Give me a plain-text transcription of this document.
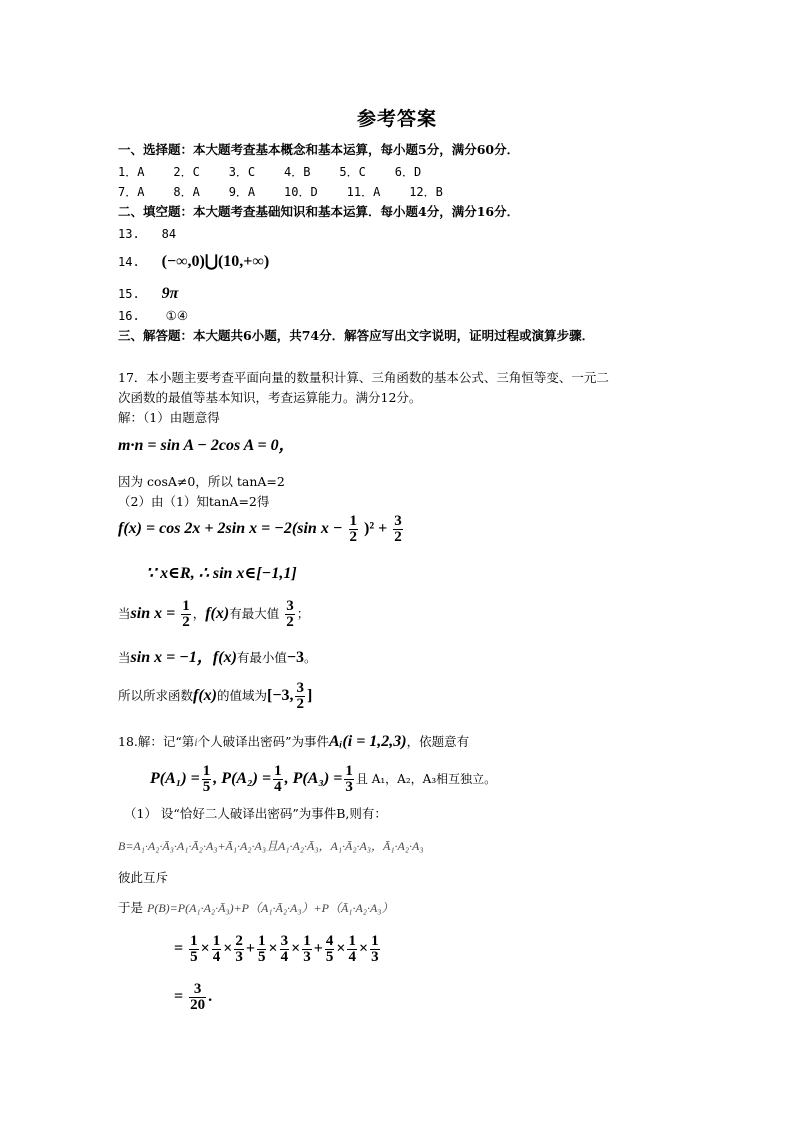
参考答案
一、选择题：本大题考查基本概念和基本运算，每小题5分，满分60分．
1．A    2．C    3．C    4．B    5．C    6．D
7．A    8．A    9．A    10．D    11．A    12．B
二、填空题：本大题考查基础知识和基本运算．每小题4分，满分16分．
13. 84
14. (−∞,0)⋃(10,+∞)
15. 9π
16. ①④
三、解答题：本大题共6小题，共74分．解答应写出文字说明，证明过程或演算步骤．
17．本小题主要考查平面向量的数量积计算、三角函数的基本公式、三角恒等变、一元二
次函数的最值等基本知识，考查运算能力。满分12分。
解：（1）由题意得
m·n = sin A − 2cos A = 0，
因为 cosA≠0，所以 tanA=2
（2）由（1）知tanA=2得
f(x) = cos 2x + 2sin x = −2(sin $x - \frac{1}{2} )^2 + \frac{3}{2}$
∵ x∈R, ∴ sin x∈[−1,1]
当$\sin x = \frac{1}{2}$ ，f(x)有最大值 $\frac{3}{2}$ ；
当sin x = −1，f(x)有最小值−3。
所以所求函数f(x)的值域为[−3, $\frac{3}{2}$ ]
18.解：记“第i个人破译出密码”为事件Aᵢ(i = 1,2,3)，依题意有
$P(A_1) = \frac{1}{5}$ , $P(A_2) = \frac{1}{4}$ , $P(A_3) = \frac{1}{3}$ 且 A₁，A₂，A₃相互独立。
（1） 设“恰好二人破译出密码”为事件B,则有：
B=A₁·A₂·Ā₃·A₁·Ā₂·A₃+Ā₁·A₂·A₃且A₁·A₂·Ā₃，A₁·Ā₂·A₃，Ā₁·A₂·A₃
彼此互斥
于是 P(B)=P(A₁·A₂·Ā₃)+P（A₁·Ā₂·A₃）+P（Ā₁·A₂·A₃）
= $\frac{1}{5} \times \frac{1}{4} \times \frac{2}{3} + \frac{1}{5} \times \frac{3}{4} \times \frac{1}{3} + \frac{4}{5} \times \frac{1}{4} \times \frac{1}{3}$
= $\frac{3}{20}$ .
